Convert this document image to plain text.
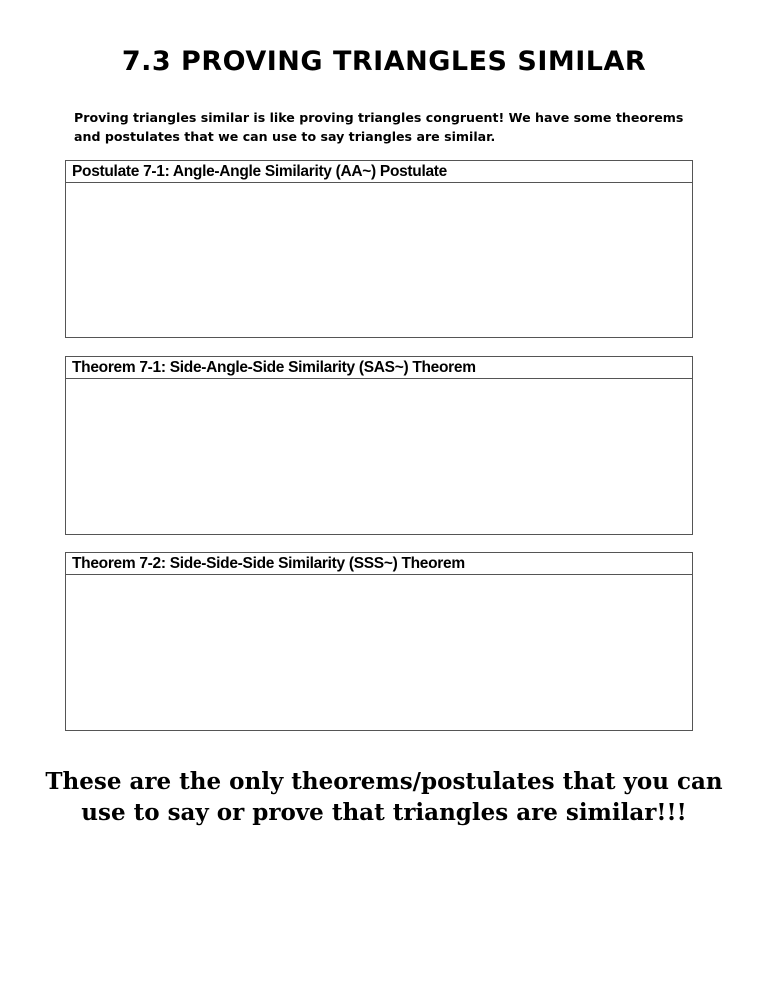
7.3 PROVING TRIANGLES SIMILAR
Proving triangles similar is like proving triangles congruent! We have some theorems and postulates that we can use to say triangles are similar.
Postulate 7-1: Angle-Angle Similarity (AA~) Postulate
Theorem 7-1: Side-Angle-Side Similarity (SAS~) Theorem
Theorem 7-2: Side-Side-Side Similarity (SSS~) Theorem
These are the only theorems/postulates that you can use to say or prove that triangles are similar!!!
